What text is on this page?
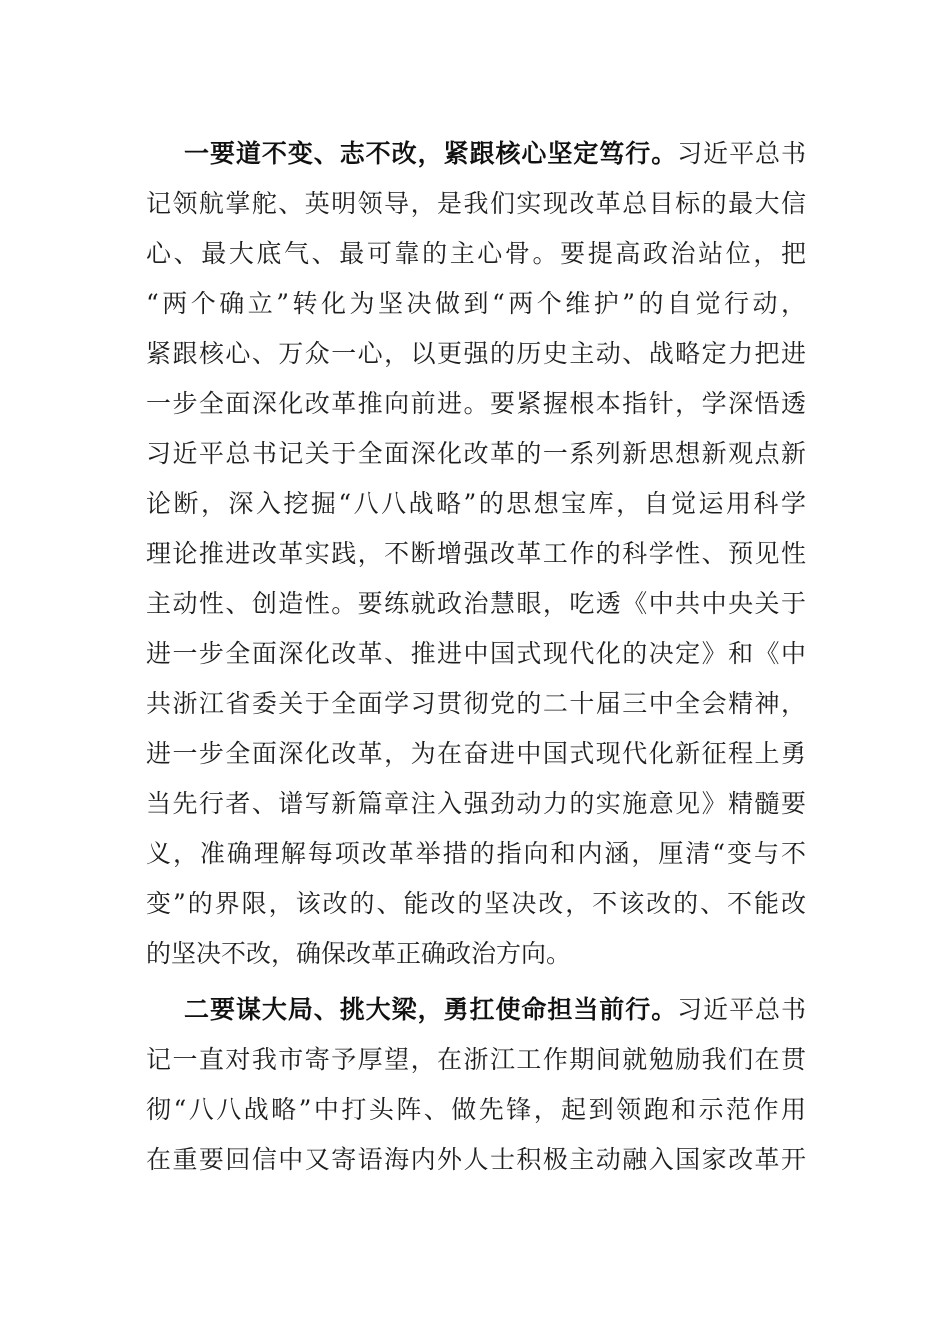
一要道不变、志不改，紧跟核心坚定笃行。习近平总书
记领航掌舵、英明领导，是我们实现改革总目标的最大信
心、最大底气、最可靠的主心骨。要提高政治站位，把
“两个确立”转化为坚决做到“两个维护”的自觉行动，
紧跟核心、万众一心，以更强的历史主动、战略定力把进
一步全面深化改革推向前进。要紧握根本指针，学深悟透
习近平总书记关于全面深化改革的一系列新思想新观点新
论断，深入挖掘“八八战略”的思想宝库，自觉运用科学
理论推进改革实践，不断增强改革工作的科学性、预见性
主动性、创造性。要练就政治慧眼，吃透《中共中央关于
进一步全面深化改革、推进中国式现代化的决定》和《中
共浙江省委关于全面学习贯彻党的二十届三中全会精神，
进一步全面深化改革，为在奋进中国式现代化新征程上勇
当先行者、谱写新篇章注入强劲动力的实施意见》精髓要
义，准确理解每项改革举措的指向和内涵，厘清“变与不
变”的界限，该改的、能改的坚决改，不该改的、不能改
的坚决不改，确保改革正确政治方向。
二要谋大局、挑大梁，勇扛使命担当前行。习近平总书
记一直对我市寄予厚望，在浙江工作期间就勉励我们在贯
彻“八八战略”中打头阵、做先锋，起到领跑和示范作用
在重要回信中又寄语海内外人士积极主动融入国家改革开
